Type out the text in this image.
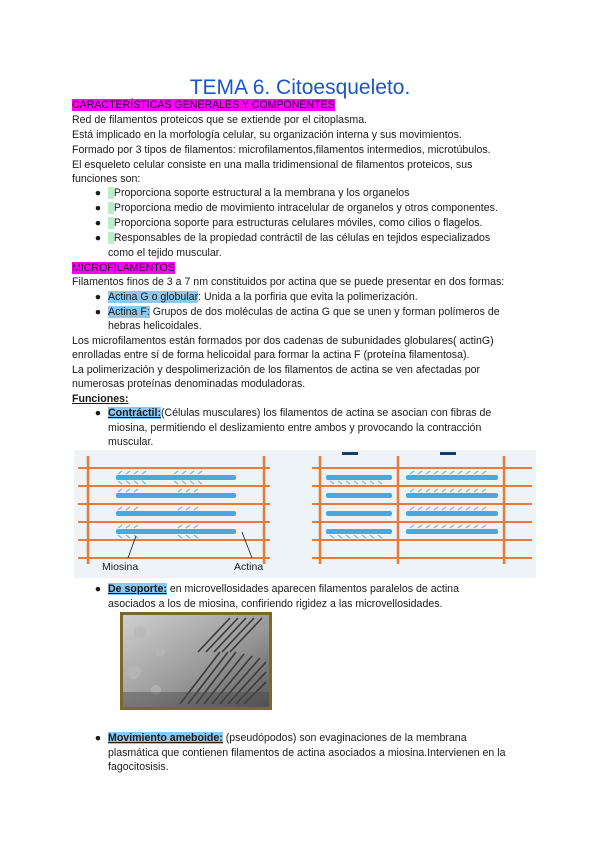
TEMA 6. Citoesqueleto.
CARACTERÍSTICAS GENERALES Y COMPONENTES
Red de filamentos proteicos que se extiende por el citoplasma.
Está implicado en la morfología celular, su organización interna y sus movimientos.
Formado por 3 tipos de filamentos: microfilamentos,filamentos intermedios, microtúbulos.
El esqueleto celular consiste en una malla tridimensional de filamentos proteicos, sus
funciones son:
●	Proporciona soporte estructural a la membrana y los organelos
●	Proporciona medio de movimiento intracelular de organelos y otros componentes.
●	Proporciona soporte para estructuras celulares móviles, como cilios o flagelos.
●	Responsables de la propiedad contráctil de las células en tejidos especializados
como el tejido muscular.
MICROFILAMENTOS
Filamentos finos de 3 a 7 nm constituidos por actina que se puede presentar en dos formas:
● Actina G o globular: Unida a la porfiria que evita la polimerización.
● Actina F: Grupos de dos moléculas de actina G que se unen y forman polímeros de
hebras helicoidales.
Los microfilamentos están formados por dos cadenas de subunidades globulares( actinG)
enrolladas entre sí de forma helicoidal para formar la actina F (proteína filamentosa).
La polimerización y despolimerización de los filamentos de actina se ven afectadas por
numerosas proteínas denominadas moduladoras.
Funciones:
● Contráctil:(Células musculares) los filamentos de actina se asocian con fibras de
miosina, permitiendo el deslizamiento entre ambos y provocando la contracción
muscular.
Miosina	Actina
● De soporte: en microvellosidades aparecen filamentos paralelos de actina
asociados a los de miosina, confiriendo rigidez a las microvellosidades.
● Movimiento ameboide: (pseudópodos) son evaginaciones de la membrana
plasmática que contienen filamentos de actina asociados a miosina.Intervienen en la
fagocitosisis.
